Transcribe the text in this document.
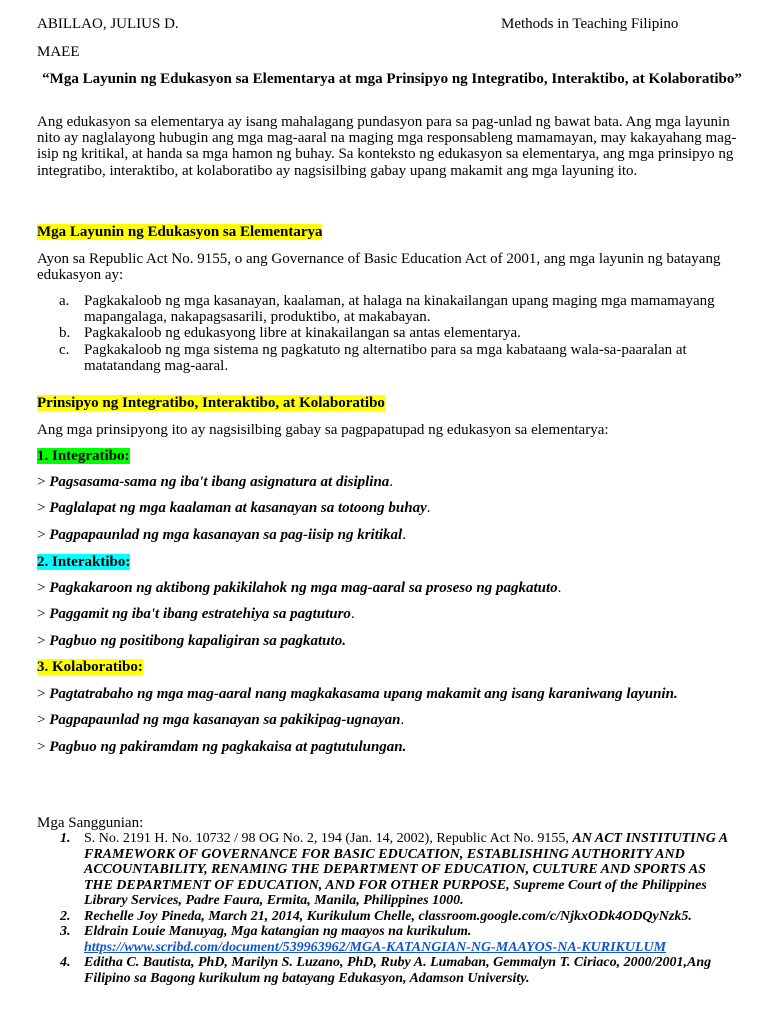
ABILLAO, JULIUS D.	Methods in Teaching Filipino
MAEE
“Mga Layunin ng Edukasyon sa Elementarya at mga Prinsipyo ng Integratibo, Interaktibo, at Kolaboratibo”
Ang edukasyon sa elementarya ay isang mahalagang pundasyon para sa pag-unlad ng bawat bata. Ang mga layunin nito ay naglalayong hubugin ang mga mag-aaral na maging mga responsableng mamamayan, may kakayahang mag-isip ng kritikal, at handa sa mga hamon ng buhay. Sa konteksto ng edukasyon sa elementarya, ang mga prinsipyo ng integratibo, interaktibo, at kolaboratibo ay nagsisilbing gabay upang makamit ang mga layuning ito.
Mga Layunin ng Edukasyon sa Elementarya
Ayon sa Republic Act No. 9155, o ang Governance of Basic Education Act of 2001, ang mga layunin ng batayang edukasyon ay:
a. Pagkakaloob ng mga kasanayan, kaalaman, at halaga na kinakailangan upang maging mga mamamayang mapangalaga, nakapagsasarili, produktibo, at makabayan.
b. Pagkakaloob ng edukasyong libre at kinakailangan sa antas elementarya.
c. Pagkakaloob ng mga sistema ng pagkatuto ng alternatibo para sa mga kabataang wala-sa-paaralan at matatandang mag-aaral.
Prinsipyo ng Integratibo, Interaktibo, at Kolaboratibo
Ang mga prinsipyong ito ay nagsisilbing gabay sa pagpapatupad ng edukasyon sa elementarya:
1. Integratibo:
> Pagsasama-sama ng iba't ibang asignatura at disiplina.
> Paglalapat ng mga kaalaman at kasanayan sa totoong buhay.
> Pagpapaunlad ng mga kasanayan sa pag-iisip ng kritikal.
2. Interaktibo:
> Pagkakaroon ng aktibong pakikilahok ng mga mag-aaral sa proseso ng pagkatuto.
> Paggamit ng iba't ibang estratehiya sa pagtuturo.
> Pagbuo ng positibong kapaligiran sa pagkatuto.
3. Kolaboratibo:
> Pagtatrabaho ng mga mag-aaral nang magkakasama upang makamit ang isang karaniwang layunin.
> Pagpapaunlad ng mga kasanayan sa pakikipag-ugnayan.
> Pagbuo ng pakiramdam ng pagkakaisa at pagtutulungan.
Mga Sanggunian:
1. S. No. 2191 H. No. 10732 / 98 OG No. 2, 194 (Jan. 14, 2002), Republic Act No. 9155, AN ACT INSTITUTING A FRAMEWORK OF GOVERNANCE FOR BASIC EDUCATION, ESTABLISHING AUTHORITY AND ACCOUNTABILITY, RENAMING THE DEPARTMENT OF EDUCATION, CULTURE AND SPORTS AS THE DEPARTMENT OF EDUCATION, AND FOR OTHER PURPOSE, Supreme Court of the Philippines Library Services, Padre Faura, Ermita, Manila, Philippines 1000.
2. Rechelle Joy Pineda, March 21, 2014, Kurikulum Chelle, classroom.google.com/c/NjkxODk4ODQyNzk5.
3. Eldrain Louie Manuyag, Mga katangian ng maayos na kurikulum.
https://www.scribd.com/document/539963962/MGA-KATANGIAN-NG-MAAYOS-NA-KURIKULUM
4. Editha C. Bautista, PhD, Marilyn S. Luzano, PhD, Ruby A. Lumaban, Gemmalyn T. Ciriaco, 2000/2001,Ang Filipino sa Bagong kurikulum ng batayang Edukasyon, Adamson University.
